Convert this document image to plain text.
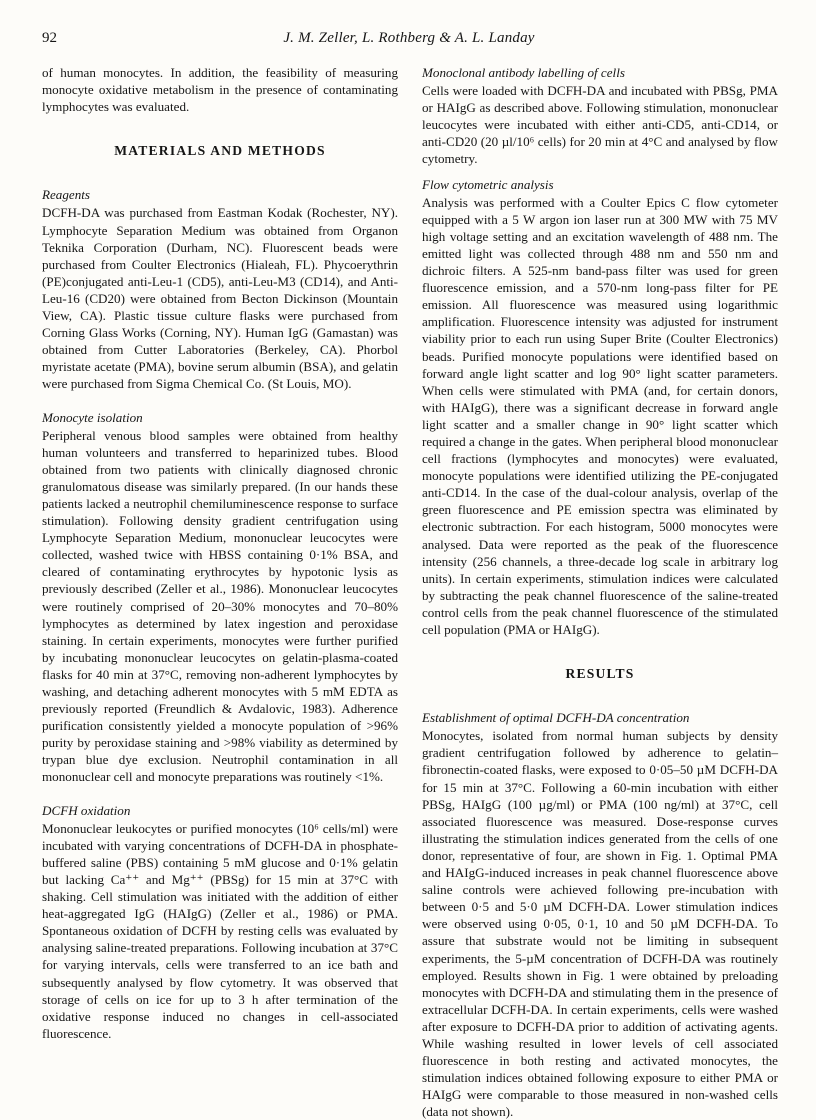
92	J. M. Zeller, L. Rothberg & A. L. Landay

of human monocytes. In addition, the feasibility of measuring monocyte oxidative metabolism in the presence of contaminating lymphocytes was evaluated.

MATERIALS AND METHODS
Reagents

DCFH-DA was purchased from Eastman Kodak (Rochester, NY). Lymphocyte Separation Medium was obtained from Organon Teknika Corporation (Durham, NC). Fluorescent beads were purchased from Coulter Electronics (Hialeah, FL). Phycoerythrin (PE)conjugated anti-Leu-1 (CD5), anti-Leu-M3 (CD14), and Anti-Leu-16 (CD20) were obtained from Becton Dickinson (Mountain View, CA). Plastic tissue culture flasks were purchased from Corning Glass Works (Corning, NY). Human IgG (Gamastan) was obtained from Cutter Laboratories (Berkeley, CA). Phorbol myristate acetate (PMA), bovine serum albumin (BSA), and gelatin were purchased from Sigma Chemical Co. (St Louis, MO).

Monocyte isolation

Peripheral venous blood samples were obtained from healthy human volunteers and transferred to heparinized tubes. Blood obtained from two patients with clinically diagnosed chronic granulomatous disease was similarly prepared. (In our hands these patients lacked a neutrophil chemiluminescence response to surface stimulation). Following density gradient centrifugation using Lymphocyte Separation Medium, mononuclear leucocytes were collected, washed twice with HBSS containing 0·1% BSA, and cleared of contaminating erythrocytes by hypotonic lysis as previously described (Zeller et al., 1986). Mononuclear leucocytes were routinely comprised of 20–30% monocytes and 70–80% lymphocytes as determined by latex ingestion and peroxidase staining. In certain experiments, monocytes were further purified by incubating mononuclear leucocytes on gelatin-plasma-coated flasks for 40 min at 37°C, removing non-adherent lymphocytes by washing, and detaching adherent monocytes with 5 mM EDTA as previously reported (Freundlich & Avdalovic, 1983). Adherence purification consistently yielded a monocyte population of >96% purity by peroxidase staining and >98% viability as determined by trypan blue dye exclusion. Neutrophil contamination in all mononuclear cell and monocyte preparations was routinely <1%.

DCFH oxidation

Mononuclear leukocytes or purified monocytes (10⁶ cells/ml) were incubated with varying concentrations of DCFH-DA in phosphate-buffered saline (PBS) containing 5 mM glucose and 0·1% gelatin but lacking Ca⁺⁺ and Mg⁺⁺ (PBSg) for 15 min at 37°C with shaking. Cell stimulation was initiated with the addition of either heat-aggregated IgG (HAIgG) (Zeller et al., 1986) or PMA. Spontaneous oxidation of DCFH by resting cells was evaluated by analysing saline-treated preparations. Following incubation at 37°C for varying intervals, cells were transferred to an ice bath and subsequently analysed by flow cytometry. It was observed that storage of cells on ice for up to 3 h after termination of the oxidative response induced no changes in cell-associated fluorescence.

Monoclonal antibody labelling of cells

Cells were loaded with DCFH-DA and incubated with PBSg, PMA or HAIgG as described above. Following stimulation, mononuclear leucocytes were incubated with either anti-CD5, anti-CD14, or anti-CD20 (20 µl/10⁶ cells) for 20 min at 4°C and analysed by flow cytometry.

Flow cytometric analysis

Analysis was performed with a Coulter Epics C flow cytometer equipped with a 5 W argon ion laser run at 300 MW with 75 MV high voltage setting and an excitation wavelength of 488 nm. The emitted light was collected through 488 nm and 550 nm and dichroic filters. A 525-nm band-pass filter was used for green fluorescence emission, and a 570-nm long-pass filter for PE emission. All fluorescence was measured using logarithmic amplification. Fluorescence intensity was adjusted for instrument viability prior to each run using Super Brite (Coulter Electronics) beads. Purified monocyte populations were identified based on forward angle light scatter and log 90° light scatter parameters. When cells were stimulated with PMA (and, for certain donors, with HAIgG), there was a significant decrease in forward angle light scatter and a smaller change in 90° light scatter which required a change in the gates. When peripheral blood mononuclear cell fractions (lymphocytes and monocytes) were evaluated, monocyte populations were identified utilizing the PE-conjugated anti-CD14. In the case of the dual-colour analysis, overlap of the green fluorescence and PE emission spectra was eliminated by electronic subtraction. For each histogram, 5000 monocytes were analysed. Data were reported as the peak of the fluorescence intensity (256 channels, a three-decade log scale in arbitrary log units). In certain experiments, stimulation indices were calculated by subtracting the peak channel fluorescence of the saline-treated control cells from the peak channel fluorescence of the stimulated cell population (PMA or HAIgG).

RESULTS
Establishment of optimal DCFH-DA concentration

Monocytes, isolated from normal human subjects by density gradient centrifugation followed by adherence to gelatin–fibronectin-coated flasks, were exposed to 0·05–50 µM DCFH-DA for 15 min at 37°C. Following a 60-min incubation with either PBSg, HAIgG (100 µg/ml) or PMA (100 ng/ml) at 37°C, cell associated fluorescence was measured. Dose-response curves illustrating the stimulation indices generated from the cells of one donor, representative of four, are shown in Fig. 1. Optimal PMA and HAIgG-induced increases in peak channel fluorescence above saline controls were achieved following pre-incubation with between 0·5 and 5·0 µM DCFH-DA. Lower stimulation indices were observed using 0·05, 0·1, 10 and 50 µM DCFH-DA. To assure that substrate would not be limiting in subsequent experiments, the 5-µM concentration of DCFH-DA was routinely employed. Results shown in Fig. 1 were obtained by preloading monocytes with DCFH-DA and stimulating them in the presence of extracellular DCFH-DA. In certain experiments, cells were washed after exposure to DCFH-DA prior to addition of activating agents. While washing resulted in lower levels of cell associated fluorescence in both resting and activated monocytes, the stimulation indices obtained following exposure to either PMA or HAIgG were comparable to those measured in non-washed cells (data not shown).
